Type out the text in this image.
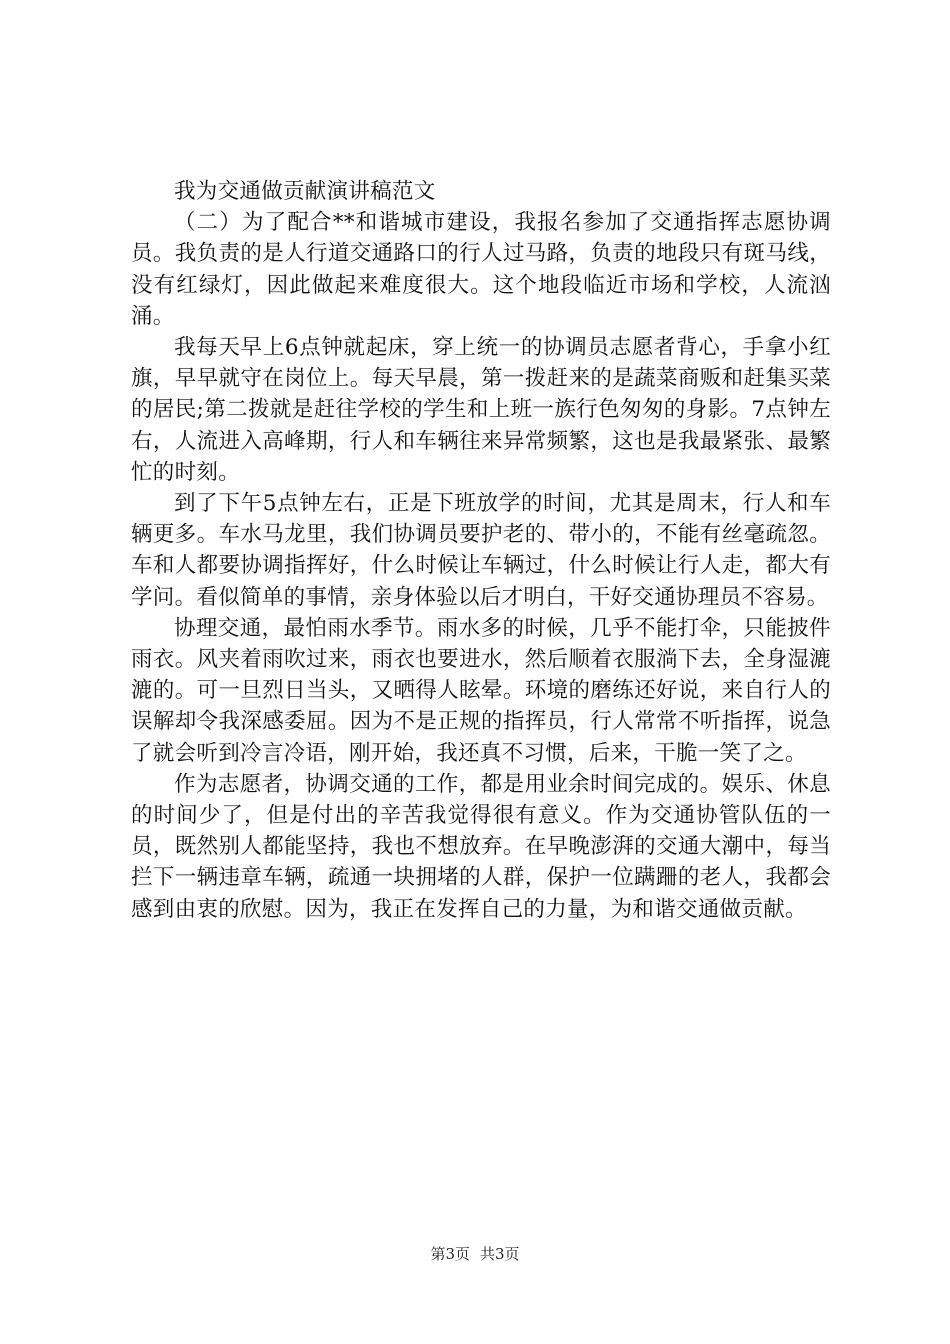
我为交通做贡献演讲稿范文

（二）为了配合**和谐城市建设，我报名参加了交通指挥志愿协调员。我负责的是人行道交通路口的行人过马路，负责的地段只有斑马线，没有红绿灯，因此做起来难度很大。这个地段临近市场和学校，人流汹涌。

我每天早上6点钟就起床，穿上统一的协调员志愿者背心，手拿小红旗，早早就守在岗位上。每天早晨，第一拨赶来的是蔬菜商贩和赶集买菜的居民;第二拨就是赶往学校的学生和上班一族行色匆匆的身影。7点钟左右，人流进入高峰期，行人和车辆往来异常频繁，这也是我最紧张、最繁忙的时刻。

到了下午5点钟左右，正是下班放学的时间，尤其是周末，行人和车辆更多。车水马龙里，我们协调员要护老的、带小的，不能有丝毫疏忽。车和人都要协调指挥好，什么时候让车辆过，什么时候让行人走，都大有学问。看似简单的事情，亲身体验以后才明白，干好交通协理员不容易。

协理交通，最怕雨水季节。雨水多的时候，几乎不能打伞，只能披件雨衣。风夹着雨吹过来，雨衣也要进水，然后顺着衣服淌下去，全身湿漉漉的。可一旦烈日当头，又晒得人眩晕。环境的磨练还好说，来自行人的误解却令我深感委屈。因为不是正规的指挥员，行人常常不听指挥，说急了就会听到冷言冷语，刚开始，我还真不习惯，后来，干脆一笑了之。

作为志愿者，协调交通的工作，都是用业余时间完成的。娱乐、休息的时间少了，但是付出的辛苦我觉得很有意义。作为交通协管队伍的一员，既然别人都能坚持，我也不想放弃。在早晚澎湃的交通大潮中，每当拦下一辆违章车辆，疏通一块拥堵的人群，保护一位蹒跚的老人，我都会感到由衷的欣慰。因为，我正在发挥自己的力量，为和谐交通做贡献。

第3页 共3页
